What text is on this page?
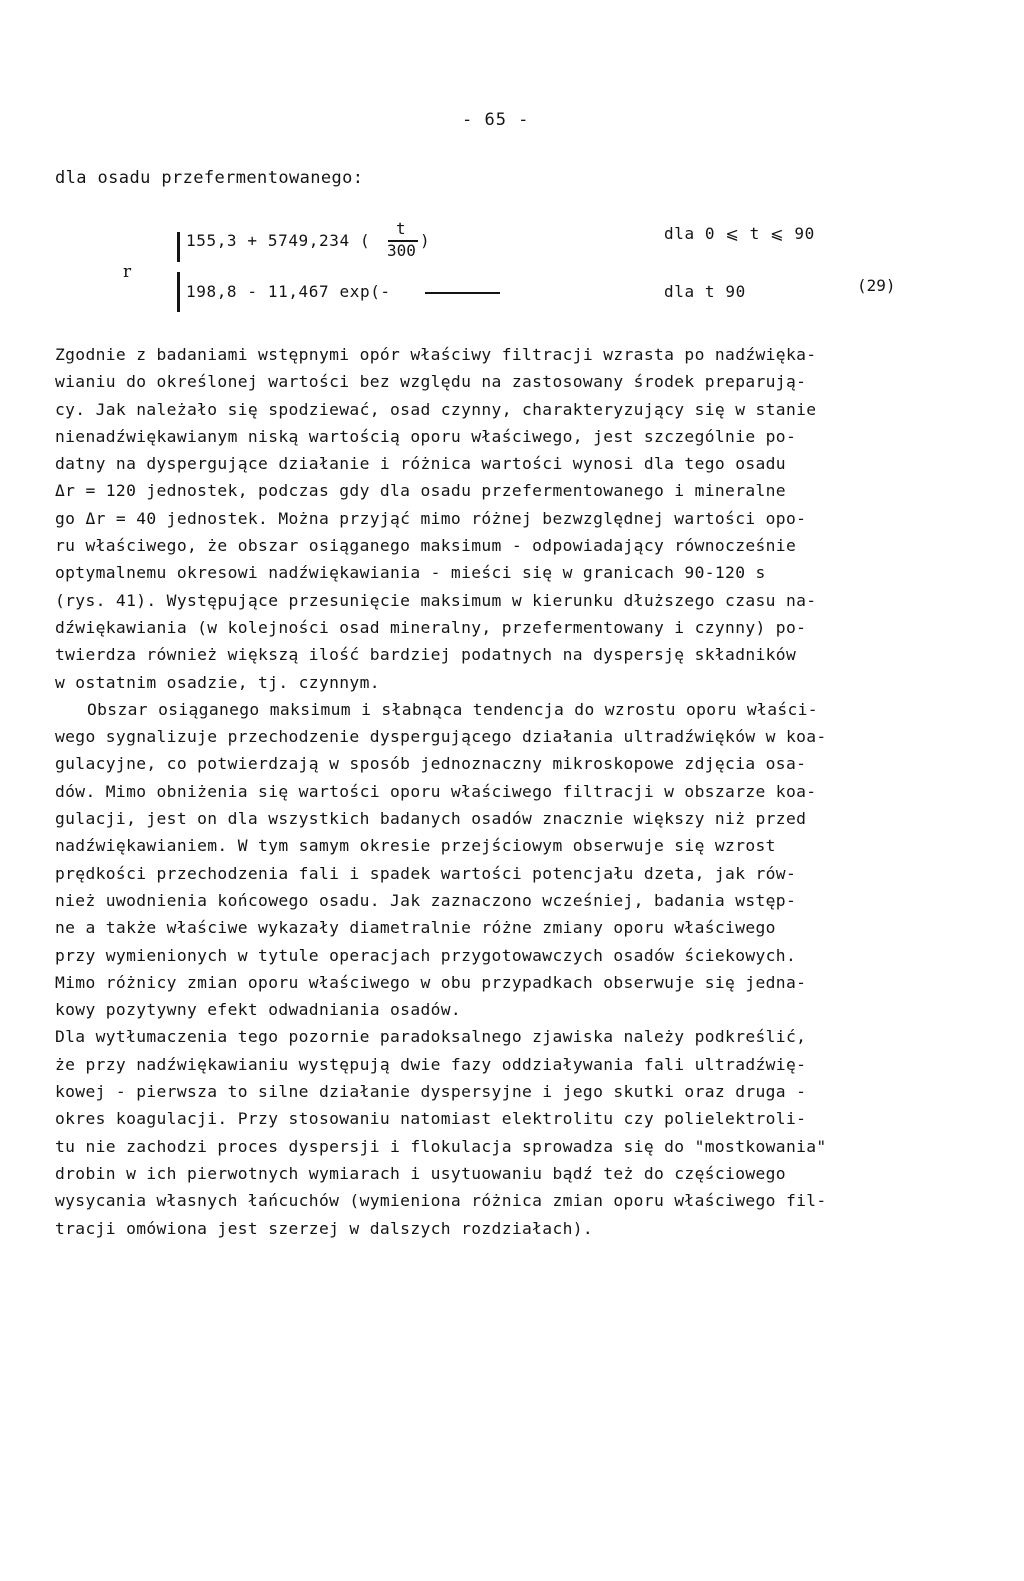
- 65 -
dla osadu przefermentowanego:
r
155,3 + 5749,234 (
t
300
)	dla 0 ⩽ t ⩽ 90
198,8 - 11,467 exp(-	dla t 90	(29)
Zgodnie z badaniami wstępnymi opór właściwy filtracji wzrasta po nadźwięka-
wianiu do określonej wartości bez względu na zastosowany środek preparują-
cy. Jak należało się spodziewać, osad czynny, charakteryzujący się w stanie
nienadźwiękawianym niską wartością oporu właściwego, jest szczególnie po-
datny na dyspergujące działanie i różnica wartości wynosi dla tego osadu
Δr = 120 jednostek, podczas gdy dla osadu przefermentowanego i mineralne
go Δr = 40 jednostek. Można przyjąć mimo różnej bezwzględnej wartości opo-
ru właściwego, że obszar osiąganego maksimum - odpowiadający równocześnie
optymalnemu okresowi nadźwiękawiania - mieści się w granicach 90-120 s
(rys. 41). Występujące przesunięcie maksimum w kierunku dłuższego czasu na-
dźwiękawiania (w kolejności osad mineralny, przefermentowany i czynny) po-
twierdza również większą ilość bardziej podatnych na dyspersję składników
w ostatnim osadzie, tj. czynnym.
Obszar osiąganego maksimum i słabnąca tendencja do wzrostu oporu właści-
wego sygnalizuje przechodzenie dyspergującego działania ultradźwięków w koa-
gulacyjne, co potwierdzają w sposób jednoznaczny mikroskopowe zdjęcia osa-
dów. Mimo obniżenia się wartości oporu właściwego filtracji w obszarze koa-
gulacji, jest on dla wszystkich badanych osadów znacznie większy niż przed
nadźwiękawianiem. W tym samym okresie przejściowym obserwuje się wzrost
prędkości przechodzenia fali i spadek wartości potencjału dzeta, jak rów-
nież uwodnienia końcowego osadu. Jak zaznaczono wcześniej, badania wstęp-
ne a także właściwe wykazały diametralnie różne zmiany oporu właściwego
przy wymienionych w tytule operacjach przygotowawczych osadów ściekowych.
Mimo różnicy zmian oporu właściwego w obu przypadkach obserwuje się jedna-
kowy pozytywny efekt odwadniania osadów.
Dla wytłumaczenia tego pozornie paradoksalnego zjawiska należy podkreślić,
że przy nadźwiękawianiu występują dwie fazy oddziaływania fali ultradźwię-
kowej - pierwsza to silne działanie dyspersyjne i jego skutki oraz druga -
okres koagulacji. Przy stosowaniu natomiast elektrolitu czy polielektroli-
tu nie zachodzi proces dyspersji i flokulacja sprowadza się do "mostkowania"
drobin w ich pierwotnych wymiarach i usytuowaniu bądź też do częściowego
wysycania własnych łańcuchów (wymieniona różnica zmian oporu właściwego fil-
tracji omówiona jest szerzej w dalszych rozdziałach).
